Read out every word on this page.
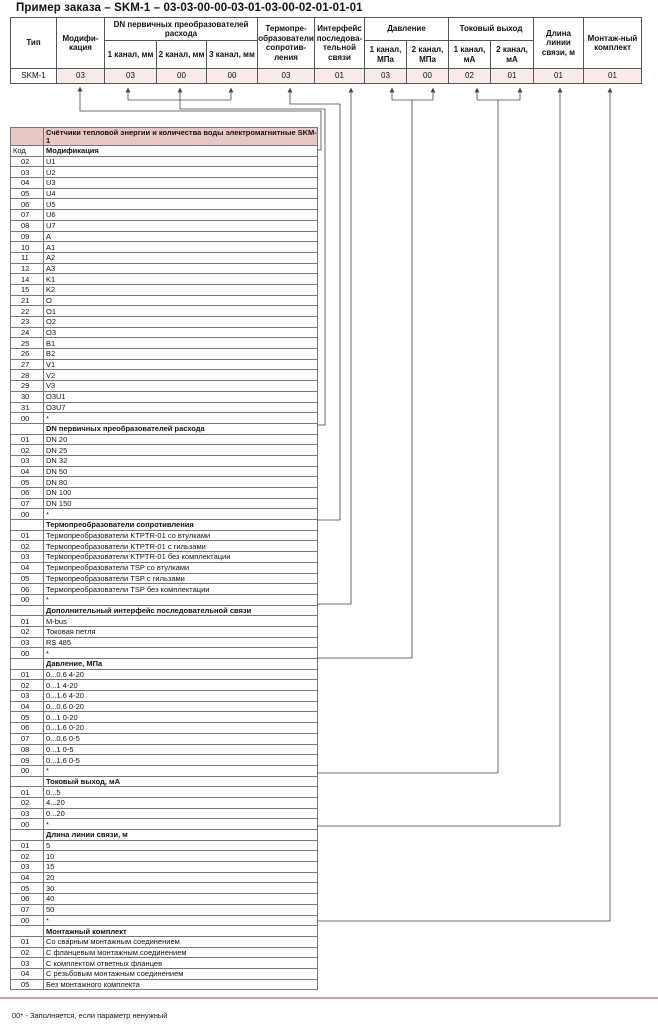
Пример заказа – SKM-1 – 03-03-00-00-03-01-03-00-02-01-01-01
Тип	Модифи-кация	DN первичных преобразователей расхода			Термопре-образователи сопротив-ления	Интерфейс последова-тельной связи	Давление		Токовый выход		Длина линии связи, м	Монтаж-ный комплект
		1 канал, мм	2 канал, мм	3 канал, мм			1 канал, МПа	2 канал, МПа	1 канал, мА	2 канал, мА		
SKM-1	03	03	00	00	03	01	03	00	02	01	01	01
	Счётчики тепловой энергии и количества воды электромагнитные SKM-1
Код	Модификация
02	U1
03	U2
04	U3
05	U4
06	U5
07	U6
08	U7
09	A
10	A1
11	A2
12	A3
14	K1
15	K2
21	O
22	O1
23	O2
24	O3
25	B1
26	B2
27	V1
28	V2
29	V3
30	O3U1
31	O3U7
00	*
	DN первичных преобразователей расхода
01	DN 20
02	DN 25
03	DN 32
04	DN 50
05	DN 80
06	DN 100
07	DN 150
00	*
	Термопреобразователи сопротивления
01	Термопреобразователи KTPTR-01 со втулками
02	Термопреобразователи KTPTR-01 с гильзами
03	Термопреобразователи KTPTR-01 без комплектации
04	Термопреобразователи TSP со втулками
05	Термопреобразователи TSP с гильзами
06	Термопреобразователи TSP без комплектации
00	*
	Дополнительный интерфейс последовательной связи
01	M-bus
02	Токовая петля
03	RS 485
00	*
	Давление, МПа
01	0...0.6 4-20
02	0...1 4-20
03	0...1.6 4-20
04	0...0.6 0-20
05	0...1 0-20
06	0...1.6 0-20
07	0...0.6 0-5
08	0...1 0-5
09	0...1.6 0-5
00	*
	Токовый выход, мА
01	0...5
02	4...20
03	0...20
00	*
	Длина линии связи, м
01	5
02	10
03	15
04	20
05	30
06	40
07	50
00	*
	Монтажный комплект
01	Со сварным монтажным соединением
02	С фланцевым монтажным соединением
03	С комплектом ответных фланцев
04	С резьбовым монтажным соединением
05	Без монтажного комплекта
00* - Заполняется, если параметр ненужный
